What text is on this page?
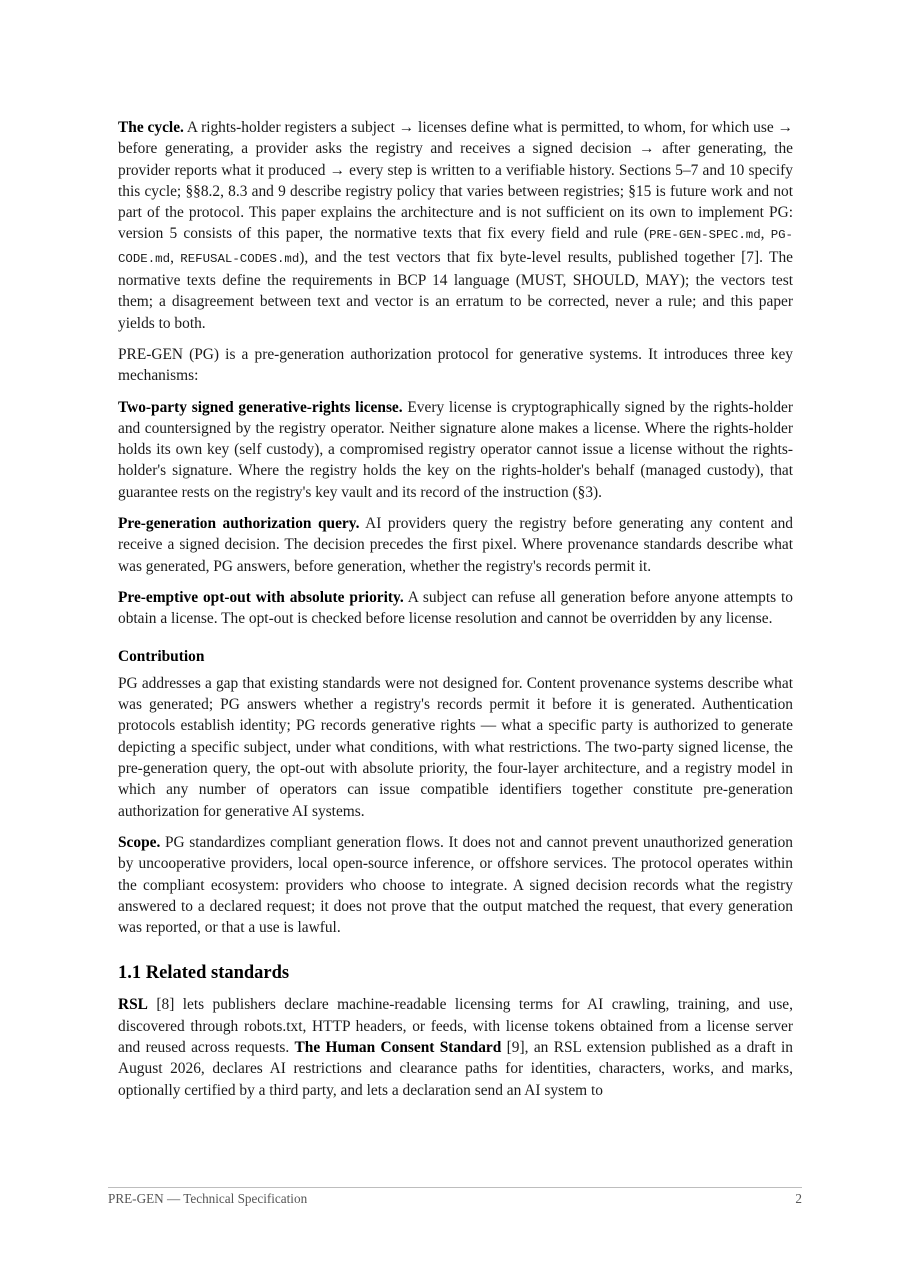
The cycle. A rights-holder registers a subject → licenses define what is permitted, to whom, for which use → before generating, a provider asks the registry and receives a signed decision → after generating, the provider reports what it produced → every step is written to a verifiable history. Sections 5–7 and 10 specify this cycle; §§8.2, 8.3 and 9 describe registry policy that varies between registries; §15 is future work and not part of the protocol. This paper explains the architecture and is not sufficient on its own to implement PG: version 5 consists of this paper, the normative texts that fix every field and rule (PRE-GEN-SPEC.md, PG-CODE.md, REFUSAL-CODES.md), and the test vectors that fix byte-level results, published together [7]. The normative texts define the requirements in BCP 14 language (MUST, SHOULD, MAY); the vectors test them; a disagreement between text and vector is an erratum to be corrected, never a rule; and this paper yields to both.

PRE-GEN (PG) is a pre-generation authorization protocol for generative systems. It introduces three key mechanisms:

Two-party signed generative-rights license. Every license is cryptographically signed by the rights-holder and countersigned by the registry operator. Neither signature alone makes a license. Where the rights-holder holds its own key (self custody), a compromised registry operator cannot issue a license without the rights-holder's signature. Where the registry holds the key on the rights-holder's behalf (managed custody), that guarantee rests on the registry's key vault and its record of the instruction (§3).

Pre-generation authorization query. AI providers query the registry before generating any content and receive a signed decision. The decision precedes the first pixel. Where provenance standards describe what was generated, PG answers, before generation, whether the registry's records permit it.

Pre-emptive opt-out with absolute priority. A subject can refuse all generation before anyone attempts to obtain a license. The opt-out is checked before license resolution and cannot be overridden by any license.

Contribution

PG addresses a gap that existing standards were not designed for. Content provenance systems describe what was generated; PG answers whether a registry's records permit it before it is generated. Authentication protocols establish identity; PG records generative rights — what a specific party is authorized to generate depicting a specific subject, under what conditions, with what restrictions. The two-party signed license, the pre-generation query, the opt-out with absolute priority, the four-layer architecture, and a registry model in which any number of operators can issue compatible identifiers together constitute pre-generation authorization for generative AI systems.

Scope. PG standardizes compliant generation flows. It does not and cannot prevent unauthorized generation by uncooperative providers, local open-source inference, or offshore services. The protocol operates within the compliant ecosystem: providers who choose to integrate. A signed decision records what the registry answered to a declared request; it does not prove that the output matched the request, that every generation was reported, or that a use is lawful.

1.1 Related standards

RSL [8] lets publishers declare machine-readable licensing terms for AI crawling, training, and use, discovered through robots.txt, HTTP headers, or feeds, with license tokens obtained from a license server and reused across requests. The Human Consent Standard [9], an RSL extension published as a draft in August 2026, declares AI restrictions and clearance paths for identities, characters, works, and marks, optionally certified by a third party, and lets a declaration send an AI system to

PRE-GEN — Technical Specification	2
